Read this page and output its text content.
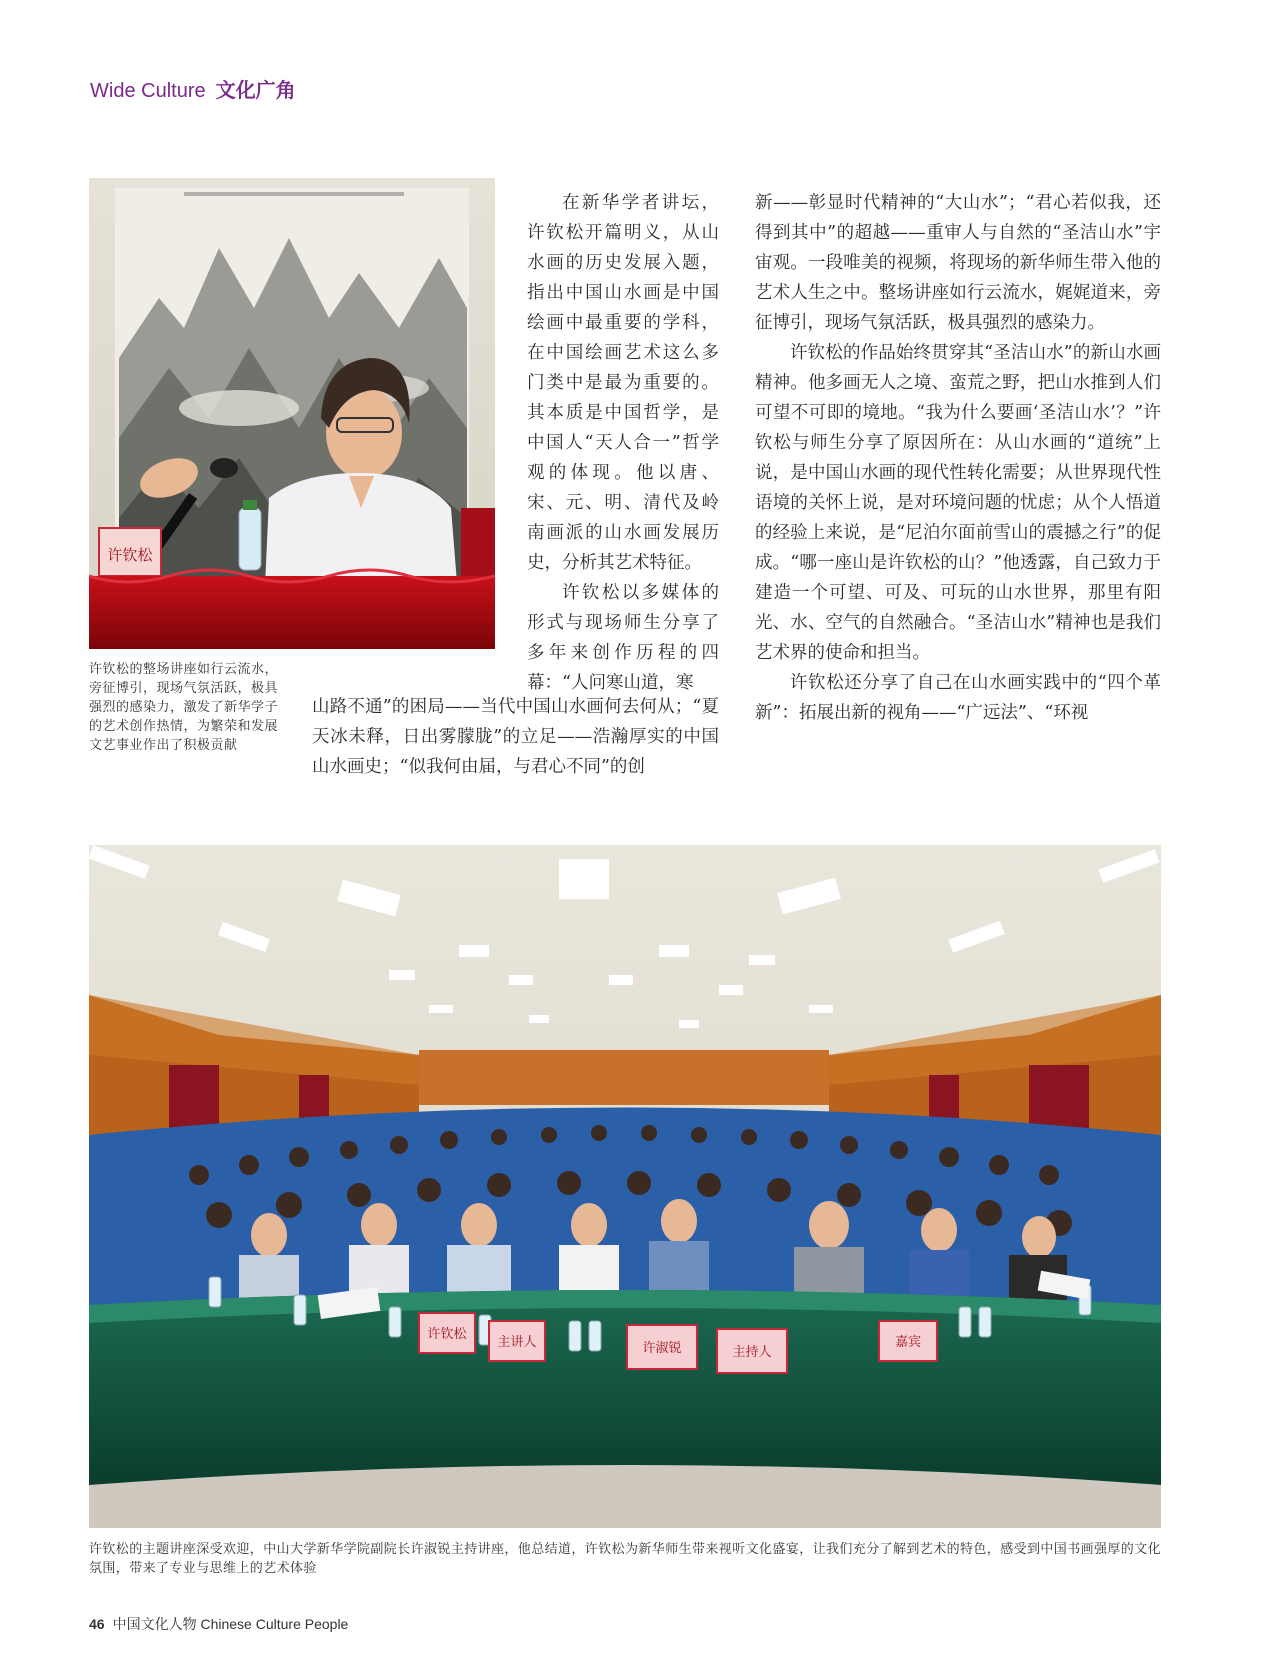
Wide Culture 文化广角
许钦松
许钦松的整场讲座如行云流水，旁征博引，现场气氛活跃，极具强烈的感染力，激发了新华学子的艺术创作热情，为繁荣和发展文艺事业作出了积极贡献

在新华学者讲坛，许钦松开篇明义，从山水画的历史发展入题，指出中国山水画是中国绘画中最重要的学科，在中国绘画艺术这么多门类中是最为重要的。其本质是中国哲学，是中国人“天人合一”哲学观的体现。他以唐、宋、元、明、清代及岭南画派的山水画发展历史，分析其艺术特征。

许钦松以多媒体的形式与现场师生分享了多年来创作历程的四幕：“人问寒山道，寒

山路不通”的困局——当代中国山水画何去何从；“夏天冰未释，日出雾朦胧”的立足——浩瀚厚实的中国山水画史；“似我何由届，与君心不同”的创

新——彰显时代精神的“大山水”；“君心若似我，还得到其中”的超越——重审人与自然的“圣洁山水”宇宙观。一段唯美的视频，将现场的新华师生带入他的艺术人生之中。整场讲座如行云流水，娓娓道来，旁征博引，现场气氛活跃，极具强烈的感染力。

许钦松的作品始终贯穿其“圣洁山水”的新山水画精神。他多画无人之境、蛮荒之野，把山水推到人们可望不可即的境地。“我为什么要画‘圣洁山水’？”许钦松与师生分享了原因所在：从山水画的“道统”上说，是中国山水画的现代性转化需要；从世界现代性语境的关怀上说，是对环境问题的忧虑；从个人悟道的经验上来说，是“尼泊尔面前雪山的震撼之行”的促成。“哪一座山是许钦松的山？”他透露，自己致力于建造一个可望、可及、可玩的山水世界，那里有阳光、水、空气的自然融合。“圣洁山水”精神也是我们艺术界的使命和担当。

许钦松还分享了自己在山水画实践中的“四个革新”：拓展出新的视角——“广远法”、“环视

许钦松
主讲人	许淑锐	主持人
嘉宾
许钦松的主题讲座深受欢迎，中山大学新华学院副院长许淑锐主持讲座，他总结道，许钦松为新华师生带来视听文化盛宴，让我们充分了解到艺术的特色，感受到中国书画强厚的文化氛围，带来了专业与思维上的艺术体验
46 中国文化人物 Chinese Culture People
